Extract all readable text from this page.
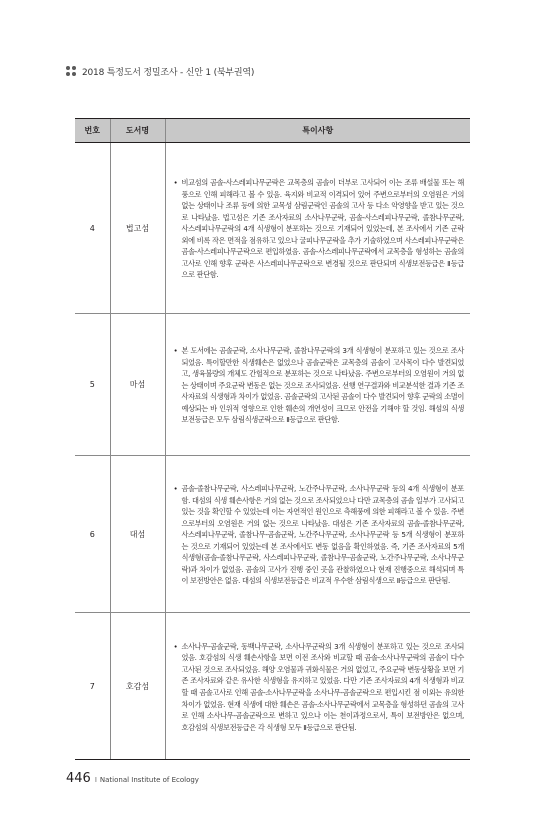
2018 특정도서 정밀조사 - 신안 1 (북부권역)
번호	도서명	특이사항
4	법고섬	• 비교섬의 곰솔-사스레피나무군락은 교목층의 곰솔이 더부로 고사되어 이는 조류 배설물 또는 해풍으로 인해 피해라고 볼 수 있음. 육지와 비교적 이격되어 있어 주변으로부터의 오염원은 거의 없는 상태이나 조류 등에 의한 교목성 삼림군락인 곰솔의 고사 등 다소 악영향을 받고 있는 것으로 나타났음. 법고섬은 기존 조사자료의 소사나무군락, 곰솔-사스레피나무군락, 졸참나무군락, 사스레피나무군락의 4개 식생형이 분포하는 것으로 기재되어 있었는데, 본 조사에서 기존 군락 외에 비록 작은 면적을 점유하고 있으나 굴피나무군락을 추가 기술하였으며 사스레피나무군락은 곰솔-사스레피나무군락으로 편입하였음. 곰솔-사스레피나무군락에서 교목층을 형성하는 곰솔의 고사로 인해 향후 군락은 사스레피나무군락으로 변경될 것으로 판단되며 식생보전등급은 Ⅱ등급으로 판단함.

5	마섬	• 본 도서에는 곰솔군락, 소사나무군락, 졸참나무군락의 3개 식생형이 분포하고 있는 것으로 조사되었음. 특이할만한 식생훼손은 없었으나 곰솔군락은 교목층의 곰솔이 고사목이 다수 발견되었고, 생육불량의 개체도 간헐적으로 분포하는 것으로 나타났음. 주변으로부터의 오염원이 거의 없는 상태이며 주요군락 변동은 없는 것으로 조사되었음. 선행 연구결과와 비교분석한 결과 기존 조사자료의 식생형과 차이가 없었음. 곰솔군락의 고사된 곰솔이 다수 발견되어 향후 군락의 소멸이 예상되는 바 인위적 영향으로 인한 훼손의 개연성이 크므로 안전을 기해야 할 것임. 해섬의 식생보전등급은 모두 삼림식생군락으로 Ⅱ등급으로 판단함.

6	대섬	• 곰솔-졸참나무군락, 사스레피나무군락, 노간주나무군락, 소사나무군락 등의 4개 식생형이 분포함. 대섬의 식생 훼손사항은 거의 없는 것으로 조사되었으나 다만 교목층의 곰솔 일부가 고사되고 있는 것을 확인할 수 있었는데 이는 자연적인 원인으로 측해풍에 의한 피해라고 볼 수 있음. 주변으로부터의 오염원은 거의 없는 것으로 나타났음. 대섬은 기존 조사자료의 곰솔-졸참나무군락, 사스레피나무군락, 졸참나무-곰솔군락, 노간주나무군락, 소사나무군락 등 5개 식생형이 분포하는 것으로 기재되어 있었는데 본 조사에서도 변동 없음을 확인하였음. 즉, 기존 조사자료의 5개 식생형(곰솔-졸참나무군락, 사스레피나무군락, 졸참나무-곰솔군락, 노간주나무군락, 소사나무군락)과 차이가 없었음. 곰솔의 고사가 진행 중인 곳을 관찰하였으나 현재 진행중으로 해석되며 특이 보전방안은 없음. 대섬의 식생보전등급은 비교적 우수한 삼림식생으로 Ⅱ등급으로 판단됨.

7	호감섬	• 소사나무-곰솔군락, 동백나무군락, 소사나무군락의 3개 식생형이 분포하고 있는 것으로 조사되었음. 호감섬의 식생 훼손사항을 보면 이전 조사와 비교할 때 곰솔-소사나무군락의 곰솔이 다수 고사된 것으로 조사되었음. 해양 오염물과 귀화식물은 거의 없었고, 주요군락 변동상황을 보면 기존 조사자료와 같은 유사한 식생형을 유지하고 있었음. 다만 기존 조사자료의 4개 식생형과 비교할 때 곰솔고사로 인해 곰솔-소사나무군락을 소사나무-곰솔군락으로 편입시킨 점 이외는 유의한 차이가 없었음. 현재 식생에 대한 훼손은 곰솔-소사나무군락에서 교목층을 형성하던 곰솔의 고사로 인해 소사나무-곰솔군락으로 변하고 있으나 이는 천이과정으로서, 특이 보전방안은 없으며, 호감섬의 식생보전등급은 각 식생형 모두 Ⅱ등급으로 판단됨.
446 I National Institute of Ecology
